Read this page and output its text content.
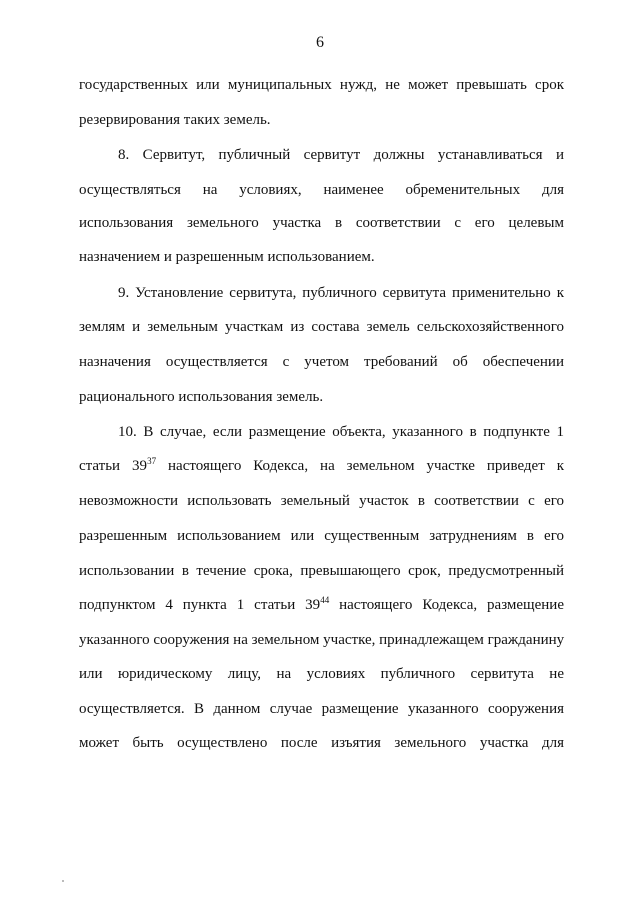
6
государственных или муниципальных нужд, не может превышать срок
резервирования таких земель.
8. Сервитут, публичный сервитут должны устанавливаться и
осуществляться на условиях, наименее обременительных для
использования земельного участка в соответствии с его целевым
назначением и разрешенным использованием.
9. Установление сервитута, публичного сервитута применительно к
землям и земельным участкам из состава земель сельскохозяйственного
назначения осуществляется с учетом требований об обеспечении
рационального использования земель.
10. В случае, если размещение объекта, указанного в подпункте 1
статьи $39^{37}$ настоящего Кодекса, на земельном участке приведет к
невозможности использовать земельный участок в соответствии с его
разрешенным использованием или существенным затруднениям в его
использовании в течение срока, превышающего срок, предусмотренный
подпунктом 4 пункта 1 статьи $39^{44}$ настоящего Кодекса, размещение
указанного сооружения на земельном участке, принадлежащем гражданину
или юридическому лицу, на условиях публичного сервитута не
осуществляется. В данном случае размещение указанного сооружения
может быть осуществлено после изъятия земельного участка для
